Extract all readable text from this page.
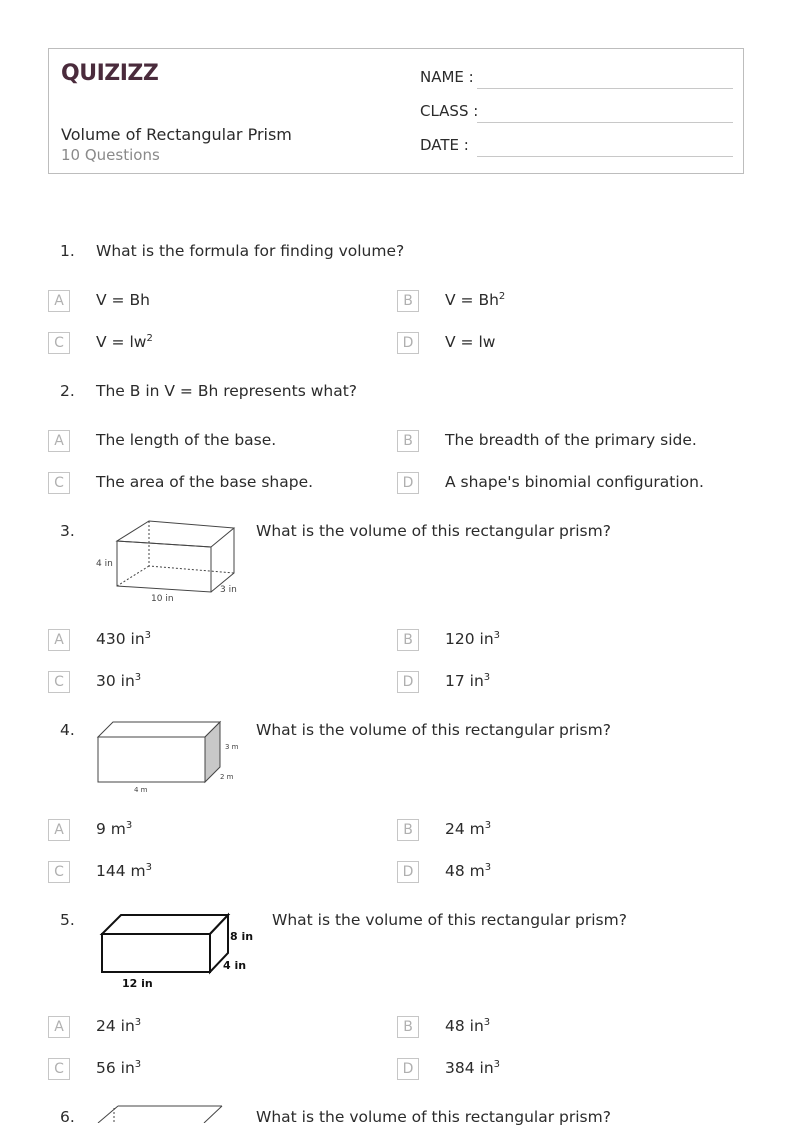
QUIZIZZ
Volume of Rectangular Prism
10 Questions
NAME :
CLASS :
DATE :
1. What is the formula for finding volume?
A	V = Bh	B	$V = Bh^2$
C	$V = lw^2$	D	V = lw
2. The B in V = Bh represents what?
A	The length of the base.	B	The breadth of the primary side.
C	The area of the base shape.	D	A shape's binomial configuration.
3.
4 in
10 in
3 in
What is the volume of this rectangular prism?
A	430 $in^3$	B	120 $in^3$
C	30 $in^3$	D	17 $in^3$
4.
3 m
2 m
4 m
What is the volume of this rectangular prism?
A	9 $m^3$	B	24 $m^3$
C	144 $m^3$	D	48 $m^3$
5.
8 in
4 in
12 in
What is the volume of this rectangular prism?
A	24 $in^3$	B	48 $in^3$
C	56 $in^3$	D	384 $in^3$
6.	What is the volume of this rectangular prism?
